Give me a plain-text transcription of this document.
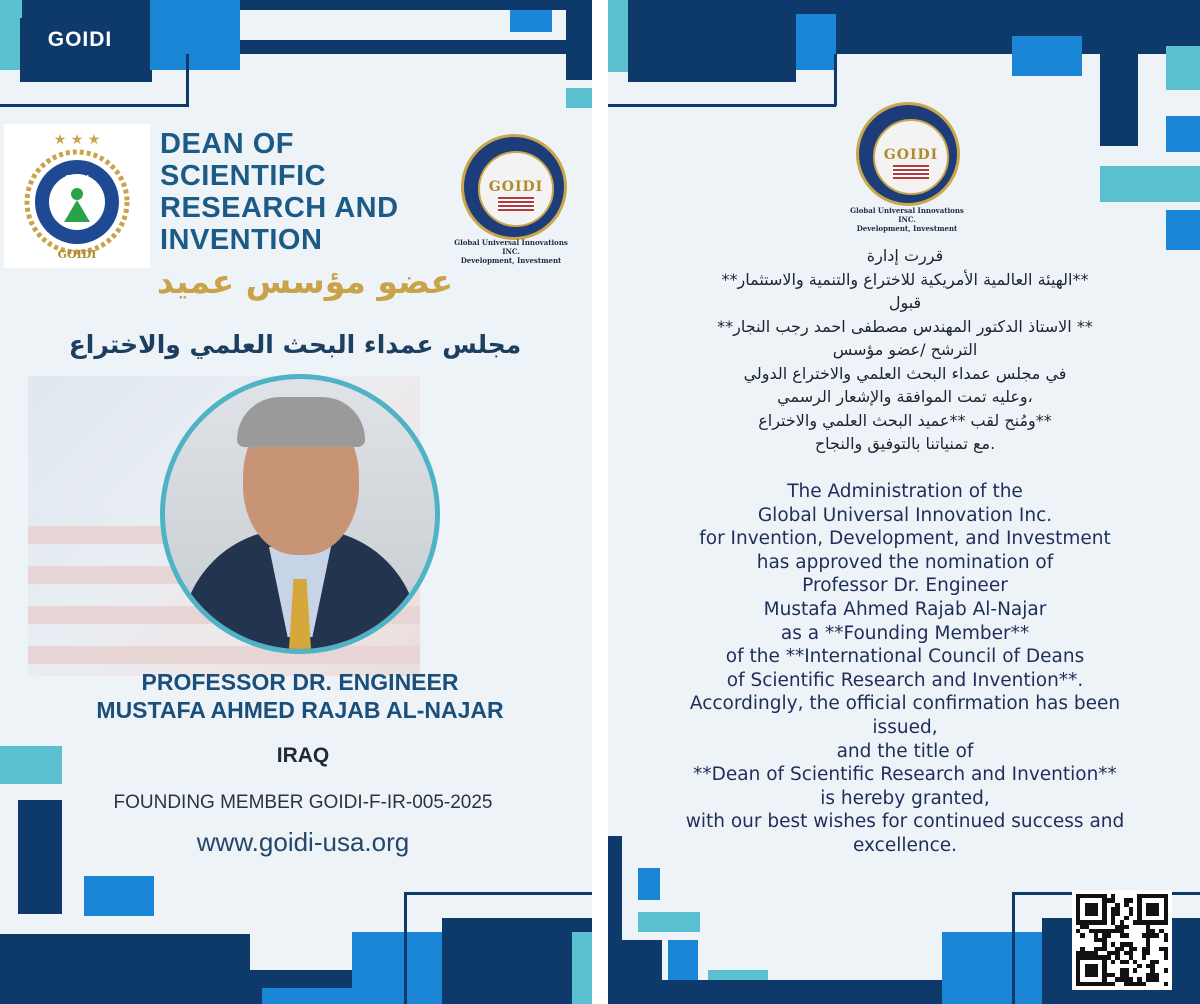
GOIDI
★ ★ ★
GOIDI
CDSRI
DEAN OF
SCIENTIFIC
RESEARCH AND
INVENTION
GOIDI
Global Universal Innovations INC.
Development, Investment
عضو مؤسس عميد
مجلس عمداء البحث العلمي والاختراع
PROFESSOR DR. ENGINEER
MUSTAFA AHMED RAJAB AL-NAJAR
IRAQ
FOUNDING MEMBER GOIDI-F-IR-005-2025
www.goidi-usa.org
GOIDI
Global Universal Innovations INC.
Development, Investment
قررت إدارة
**الهيئة العالمية الأمريكية للاختراع والتنمية والاستثمار**
قبول
** الاستاذ الدكتور المهندس مصطفى احمد رجب النجار**
الترشح /عضو مؤسس
في مجلس عمداء البحث العلمي والاختراع الدولي
،وعليه تمت الموافقة والإشعار الرسمي
**ومُنح لقب **عميد البحث العلمي والاختراع
.مع تمنياتنا بالتوفيق والنجاح
The Administration of the
Global Universal Innovation Inc.
for Invention, Development, and Investment
has approved the nomination of
Professor Dr. Engineer
Mustafa Ahmed Rajab Al-Najar
as a **Founding Member**
of the **International Council of Deans
of Scientific Research and Invention**.
Accordingly, the official confirmation has been
issued,
and the title of
**Dean of Scientific Research and Invention**
is hereby granted,
with our best wishes for continued success and
excellence.
